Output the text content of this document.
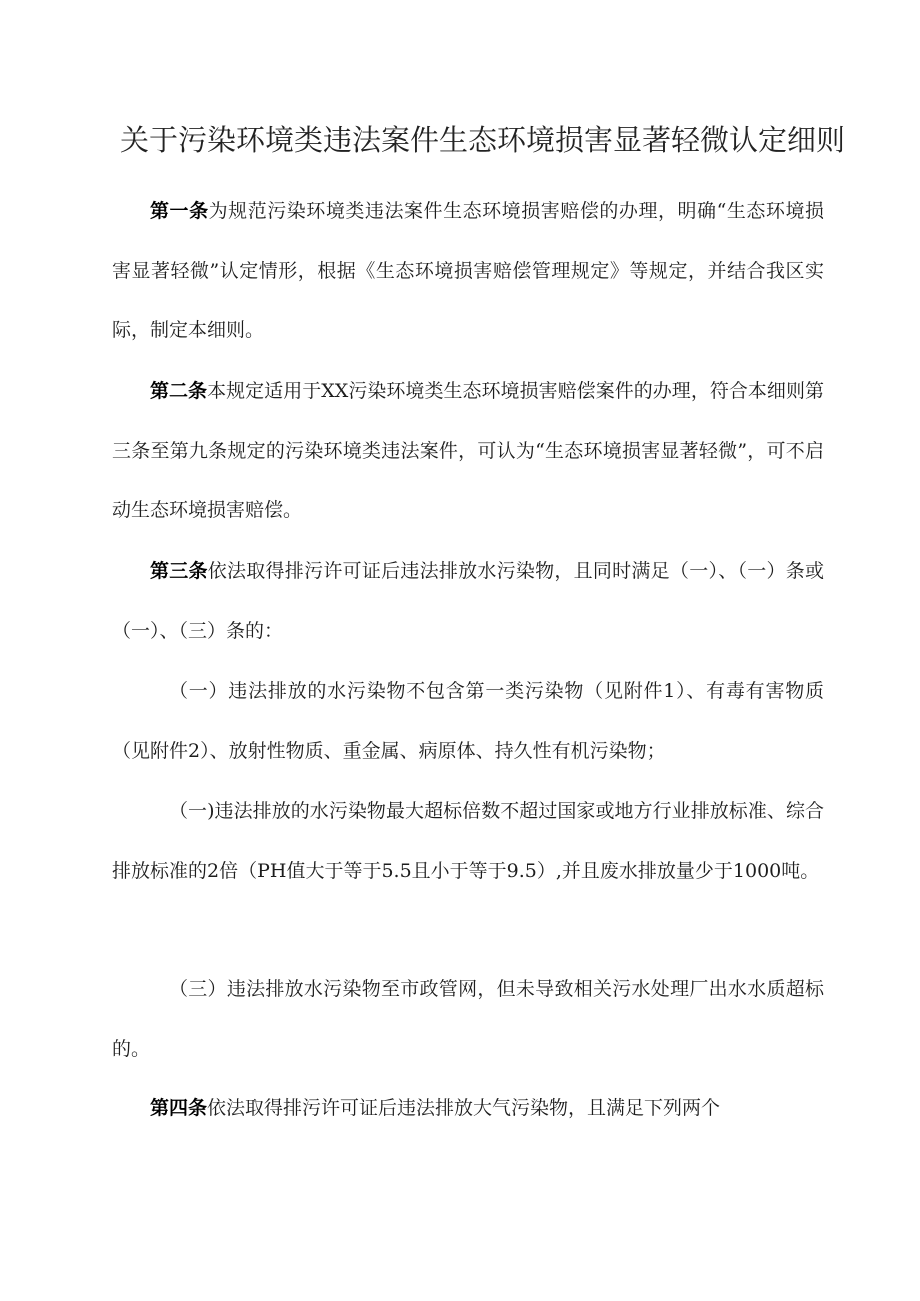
关于污染环境类违法案件生态环境损害显著轻微认定细则
第一条为规范污染环境类违法案件生态环境损害赔偿的办理，明确“生态环境损害显著轻微”认定情形，根据《生态环境损害赔偿管理规定》等规定，并结合我区实际，制定本细则。
第二条本规定适用于XX污染环境类生态环境损害赔偿案件的办理，符合本细则第三条至第九条规定的污染环境类违法案件，可认为“生态环境损害显著轻微”，可不启动生态环境损害赔偿。
第三条依法取得排污许可证后违法排放水污染物，且同时满足（一）、（一）条或（一）、（三）条的：
（一）违法排放的水污染物不包含第一类污染物（见附件1）、有毒有害物质（见附件2）、放射性物质、重金属、病原体、持久性有机污染物；
（一)违法排放的水污染物最大超标倍数不超过国家或地方行业排放标准、综合排放标准的2倍（PH值大于等于5.5且小于等于9.5）,并且废水排放量少于1000吨。
（三）违法排放水污染物至市政管网，但未导致相关污水处理厂出水水质超标的。
第四条依法取得排污许可证后违法排放大气污染物，且满足下列两个
